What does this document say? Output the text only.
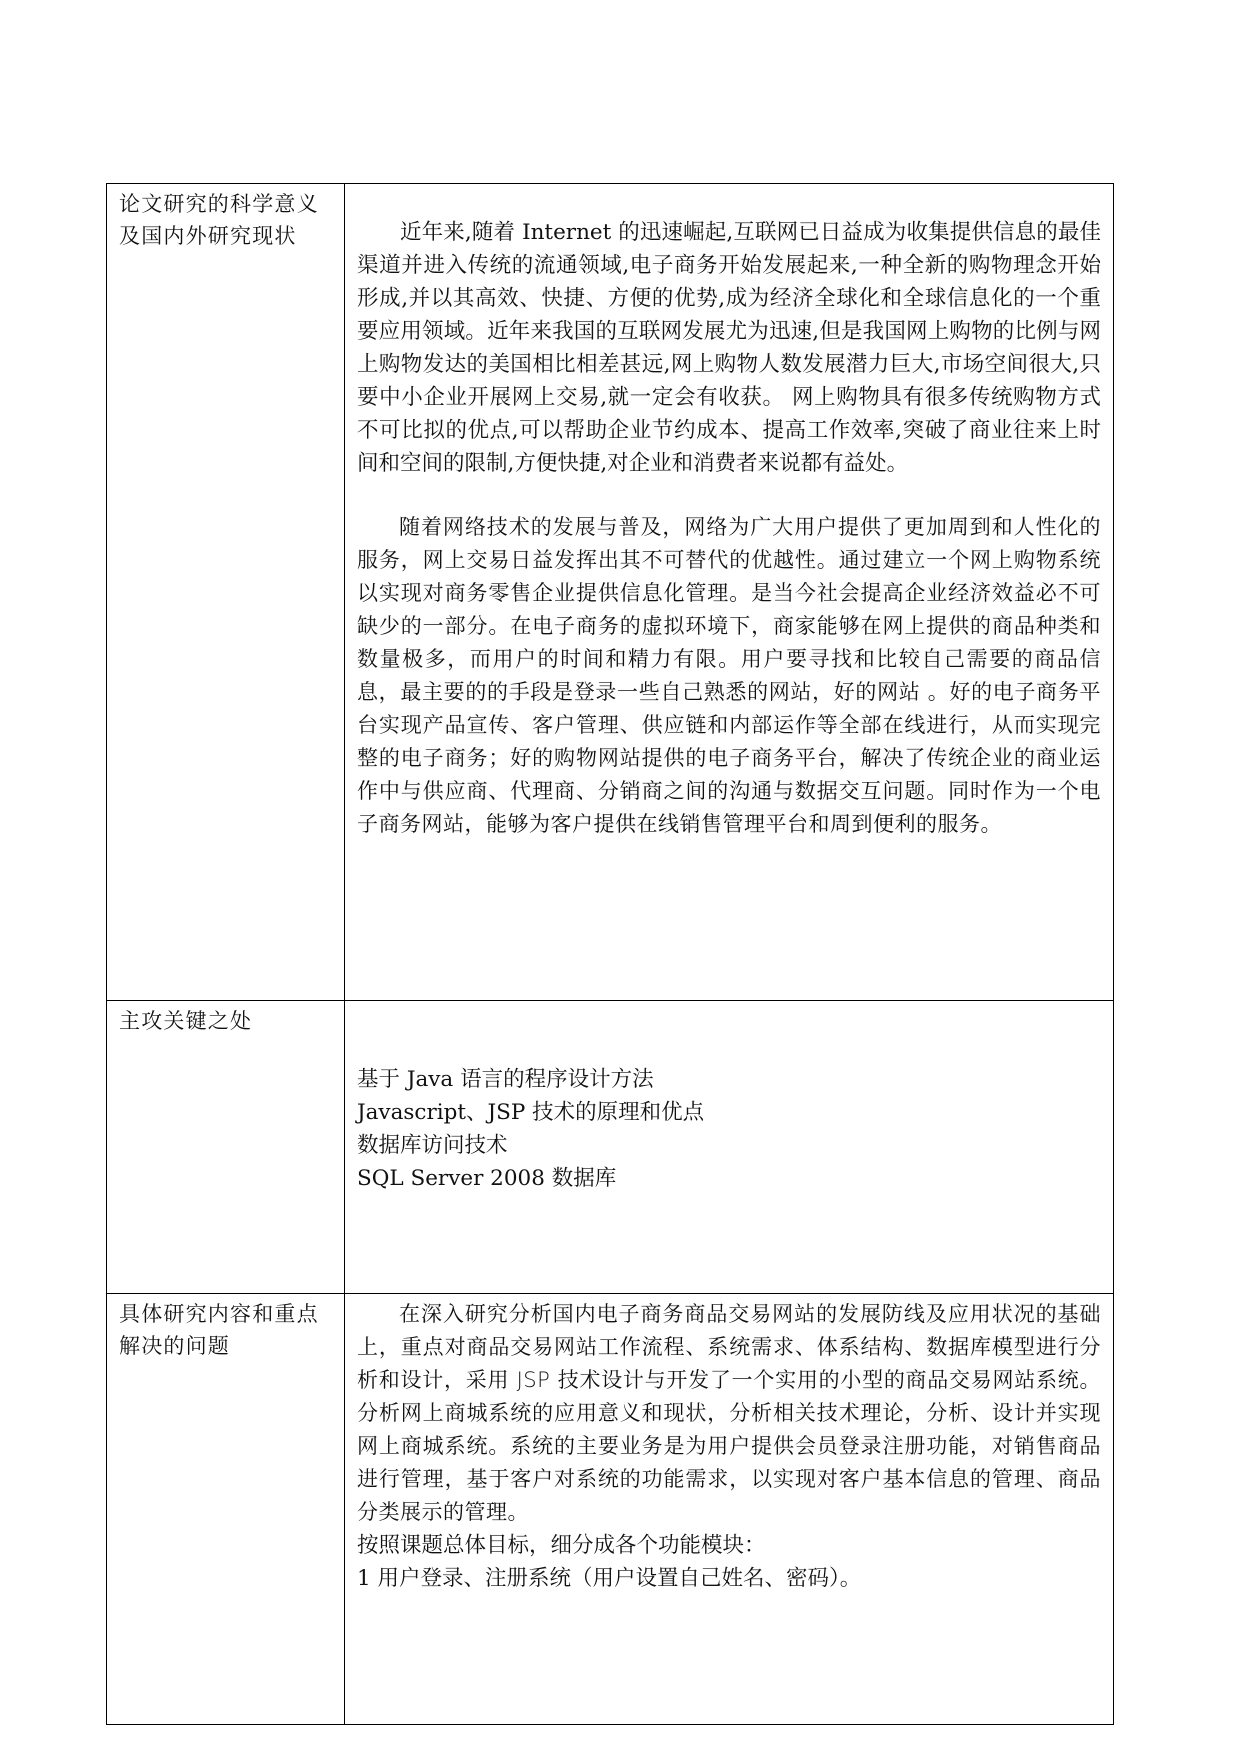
论文研究的科学意义及国内外研究现状	近年来,随着 Internet 的迅速崛起,互联网已日益成为收集提供信息的最佳渠道并进入传统的流通领域,电子商务开始发展起来,一种全新的购物理念开始形成,并以其高效、快捷、方便的优势,成为经济全球化和全球信息化的一个重要应用领域。近年来我国的互联网发展尤为迅速,但是我国网上购物的比例与网上购物发达的美国相比相差甚远,网上购物人数发展潜力巨大,市场空间很大,只要中小企业开展网上交易,就一定会有收获。 网上购物具有很多传统购物方式不可比拟的优点,可以帮助企业节约成本、提高工作效率,突破了商业往来上时间和空间的限制,方便快捷,对企业和消费者来说都有益处。

随着网络技术的发展与普及，网络为广大用户提供了更加周到和人性化的服务，网上交易日益发挥出其不可替代的优越性。通过建立一个网上购物系统以实现对商务零售企业提供信息化管理。是当今社会提高企业经济效益必不可缺少的一部分。在电子商务的虚拟环境下，商家能够在网上提供的商品种类和数量极多，而用户的时间和精力有限。用户要寻找和比较自己需要的商品信息，最主要的的手段是登录一些自己熟悉的网站，好的网站 。好的电子商务平台实现产品宣传、客户管理、供应链和内部运作等全部在线进行，从而实现完整的电子商务；好的购物网站提供的电子商务平台，解决了传统企业的商业运作中与供应商、代理商、分销商之间的沟通与数据交互问题。同时作为一个电子商务网站，能够为客户提供在线销售管理平台和周到便利的服务。

主攻关键之处

基于 Java 语言的程序设计方法

Javascript、JSP 技术的原理和优点

数据库访问技术

SQL Server 2008 数据库

具体研究内容和重点解决的问题

在深入研究分析国内电子商务商品交易网站的发展防线及应用状况的基础上，重点对商品交易网站工作流程、系统需求、体系结构、数据库模型进行分析和设计，采用 JSP 技术设计与开发了一个实用的小型的商品交易网站系统。分析网上商城系统的应用意义和现状，分析相关技术理论，分析、设计并实现网上商城系统。系统的主要业务是为用户提供会员登录注册功能，对销售商品进行管理，基于客户对系统的功能需求，以实现对客户基本信息的管理、商品分类展示的管理。

按照课题总体目标，细分成各个功能模块：

1 用户登录、注册系统（用户设置自己姓名、密码）。
